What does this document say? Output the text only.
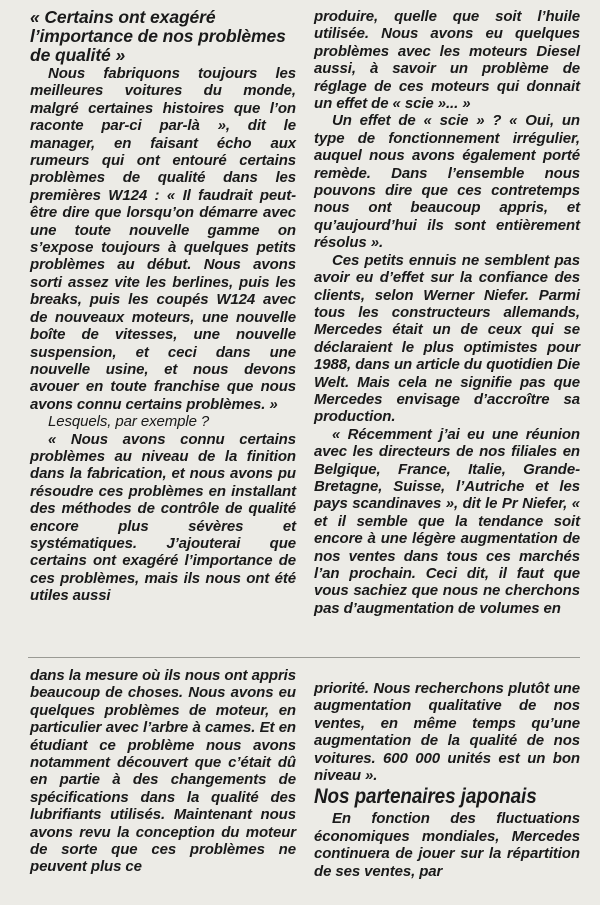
« Certains ont exagéré l’importance de nos problèmes de qualité »

Nous fabriquons toujours les meilleures voitures du monde, malgré certaines histoires que l’on raconte par-ci par-là », dit le manager, en faisant écho aux rumeurs qui ont entouré certains problèmes de qualité dans les premières W124 : « Il faudrait peut-être dire que lorsqu’on démarre avec une toute nouvelle gamme on s’expose toujours à quelques petits problèmes au début. Nous avons sorti assez vite les berlines, puis les breaks, puis les coupés W124 avec de nouveaux moteurs, une nouvelle boîte de vitesses, une nouvelle suspension, et ceci dans une nouvelle usine, et nous devons avouer en toute franchise que nous avons connu certains problèmes. »

Lesquels, par exemple ?

« Nous avons connu certains problèmes au niveau de la finition dans la fabrication, et nous avons pu résoudre ces problèmes en installant des méthodes de contrôle de qualité encore plus sévères et systématiques. J’ajouterai que certains ont exagéré l’importance de ces problèmes, mais ils nous ont été utiles aussi

produire, quelle que soit l’huile utilisée. Nous avons eu quelques problèmes avec les moteurs Diesel aussi, à savoir un problème de réglage de ces moteurs qui donnait un effet de « scie »... »

Un effet de « scie » ? « Oui, un type de fonctionnement irrégulier, auquel nous avons également porté remède. Dans l’ensemble nous pouvons dire que ces contretemps nous ont beaucoup appris, et qu’aujourd’hui ils sont entièrement résolus ».

Ces petits ennuis ne semblent pas avoir eu d’effet sur la confiance des clients, selon Werner Niefer. Parmi tous les constructeurs allemands, Mercedes était un de ceux qui se déclaraient le plus optimistes pour 1988, dans un article du quotidien Die Welt. Mais cela ne signifie pas que Mercedes envisage d’accroître sa production.

« Récemment j’ai eu une réunion avec les directeurs de nos filiales en Belgique, France, Italie, Grande-Bretagne, Suisse, l’Autriche et les pays scandinaves », dit le Pr Niefer, « et il semble que la tendance soit encore à une légère augmentation de nos ventes dans tous ces marchés l’an prochain. Ceci dit, il faut que vous sachiez que nous ne cherchons pas d’augmentation de volumes en

dans la mesure où ils nous ont appris beaucoup de choses. Nous avons eu quelques problèmes de moteur, en particulier avec l’arbre à cames. Et en étudiant ce problème nous avons notamment découvert que c’était dû en partie à des changements de spécifications dans la qualité des lubrifiants utilisés. Maintenant nous avons revu la conception du moteur de sorte que ces problèmes ne peuvent plus ce

priorité. Nous recherchons plutôt une augmentation qualitative de nos ventes, en même temps qu’une augmentation de la qualité de nos voitures. 600 000 unités est un bon niveau ».

Nos partenaires japonais

En fonction des fluctuations économiques mondiales, Mercedes continuera de jouer sur la répartition de ses ventes, par
